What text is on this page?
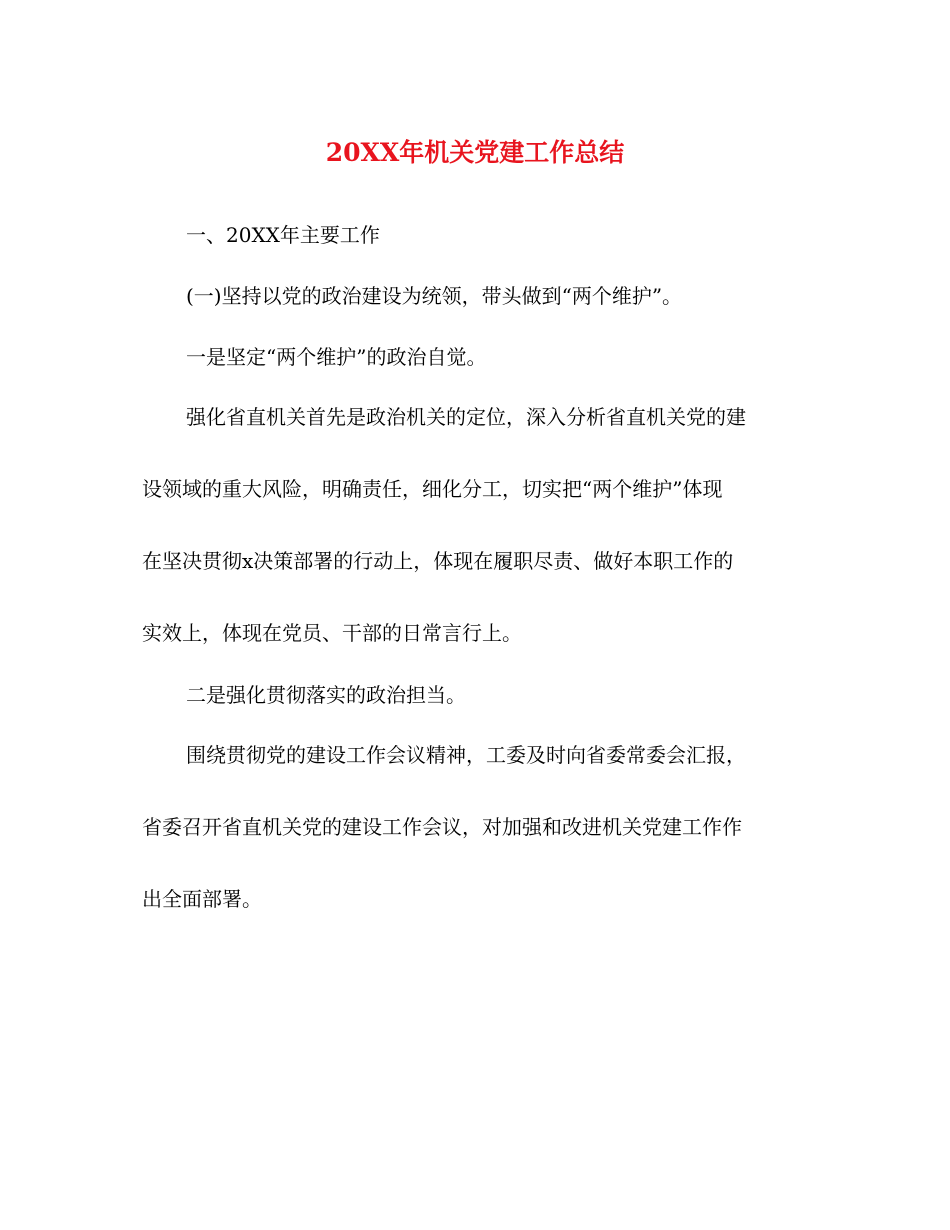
20XX年机关党建工作总结
一、20XX年主要工作
(一)坚持以党的政治建设为统领，带头做到“两个维护”。
一是坚定“两个维护”的政治自觉。
强化省直机关首先是政治机关的定位，深入分析省直机关党的建
设领域的重大风险，明确责任，细化分工，切实把“两个维护”体现
在坚决贯彻x决策部署的行动上，体现在履职尽责、做好本职工作的
实效上，体现在党员、干部的日常言行上。
二是强化贯彻落实的政治担当。
围绕贯彻党的建设工作会议精神，工委及时向省委常委会汇报，
省委召开省直机关党的建设工作会议，对加强和改进机关党建工作作
出全面部署。
